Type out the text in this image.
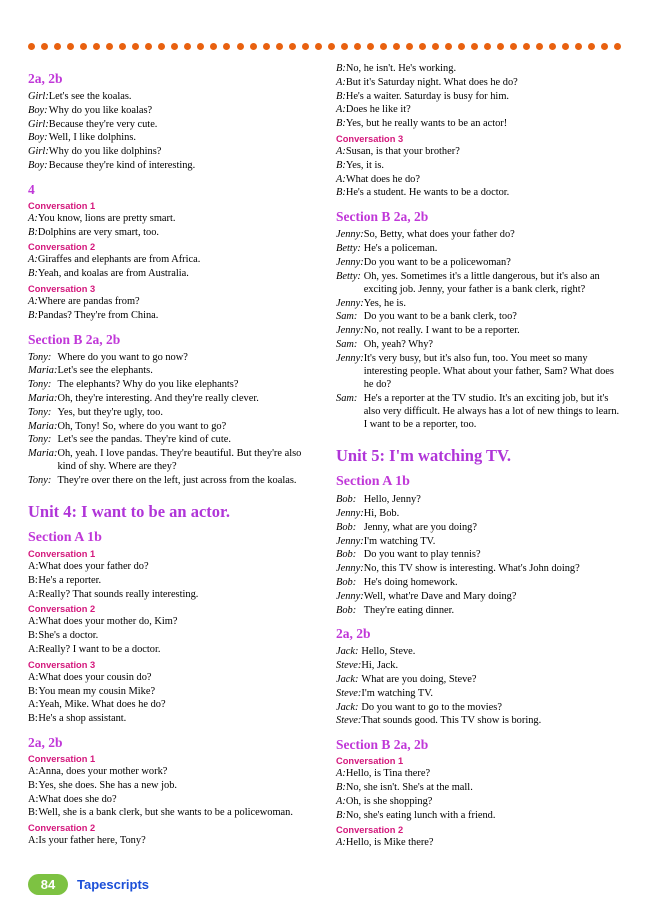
2a, 2b
Girl:	Let's see the koalas.
Boy:	Why do you like koalas?
Girl:	Because they're very cute.
Boy:	Well, I like dolphins.
Girl:	Why do you like dolphins?
Boy:	Because they're kind of interesting.
4
Conversation 1
A:	You know, lions are pretty smart.
B:	Dolphins are very smart, too.
Conversation 2
A:	Giraffes and elephants are from Africa.
B:	Yeah, and koalas are from Australia.
Conversation 3
A:	Where are pandas from?
B:	Pandas? They're from China.
Section B 2a, 2b
Tony:	Where do you want to go now?
Maria:	Let's see the elephants.
Tony:	The elephants? Why do you like elephants?
Maria:	Oh, they're interesting. And they're really clever.
Tony:	Yes, but they're ugly, too.
Maria:	Oh, Tony! So, where do you want to go?
Tony:	Let's see the pandas. They're kind of cute.
Maria:	Oh, yeah. I love pandas. They're beautiful. But they're also kind of shy. Where are they?
Tony:	They're over there on the left, just across from the koalas.
Unit 4: I want to be an actor.
Section A 1b
Conversation 1
A:	What does your father do?
B:	He's a reporter.
A:	Really? That sounds really interesting.
Conversation 2
A:	What does your mother do, Kim?
B:	She's a doctor.
A:	Really? I want to be a doctor.
Conversation 3
A:	What does your cousin do?
B:	You mean my cousin Mike?
A:	Yeah, Mike. What does he do?
B:	He's a shop assistant.
2a, 2b
Conversation 1
A:	Anna, does your mother work?
B:	Yes, she does. She has a new job.
A:	What does she do?
B:	Well, she is a bank clerk, but she wants to be a policewoman.
Conversation 2
A:	Is your father here, Tony?
B:	No, he isn't. He's working.
A:	But it's Saturday night. What does he do?
B:	He's a waiter. Saturday is busy for him.
A:	Does he like it?
B:	Yes, but he really wants to be an actor!
Conversation 3
A:	Susan, is that your brother?
B:	Yes, it is.
A:	What does he do?
B:	He's a student. He wants to be a doctor.
Section B 2a, 2b
Jenny:	So, Betty, what does your father do?
Betty:	He's a policeman.
Jenny:	Do you want to be a policewoman?
Betty:	Oh, yes. Sometimes it's a little dangerous, but it's also an exciting job. Jenny, your father is a bank clerk, right?
Jenny:	Yes, he is.
Sam:	Do you want to be a bank clerk, too?
Jenny:	No, not really. I want to be a reporter.
Sam:	Oh, yeah? Why?
Jenny:	It's very busy, but it's also fun, too. You meet so many interesting people. What about your father, Sam? What does he do?
Sam:	He's a reporter at the TV studio. It's an exciting job, but it's also very difficult. He always has a lot of new things to learn. I want to be a reporter, too.
Unit 5: I'm watching TV.
Section A 1b
Bob:	Hello, Jenny?
Jenny:	Hi, Bob.
Bob:	Jenny, what are you doing?
Jenny:	I'm watching TV.
Bob:	Do you want to play tennis?
Jenny:	No, this TV show is interesting. What's John doing?
Bob:	He's doing homework.
Jenny:	Well, what're Dave and Mary doing?
Bob:	They're eating dinner.
2a, 2b
Jack:	Hello, Steve.
Steve:	Hi, Jack.
Jack:	What are you doing, Steve?
Steve:	I'm watching TV.
Jack:	Do you want to go to the movies?
Steve:	That sounds good. This TV show is boring.
Section B 2a, 2b
Conversation 1
A:	Hello, is Tina there?
B:	No, she isn't. She's at the mall.
A:	Oh, is she shopping?
B:	No, she's eating lunch with a friend.
Conversation 2
A:	Hello, is Mike there?
84	Tapescripts
